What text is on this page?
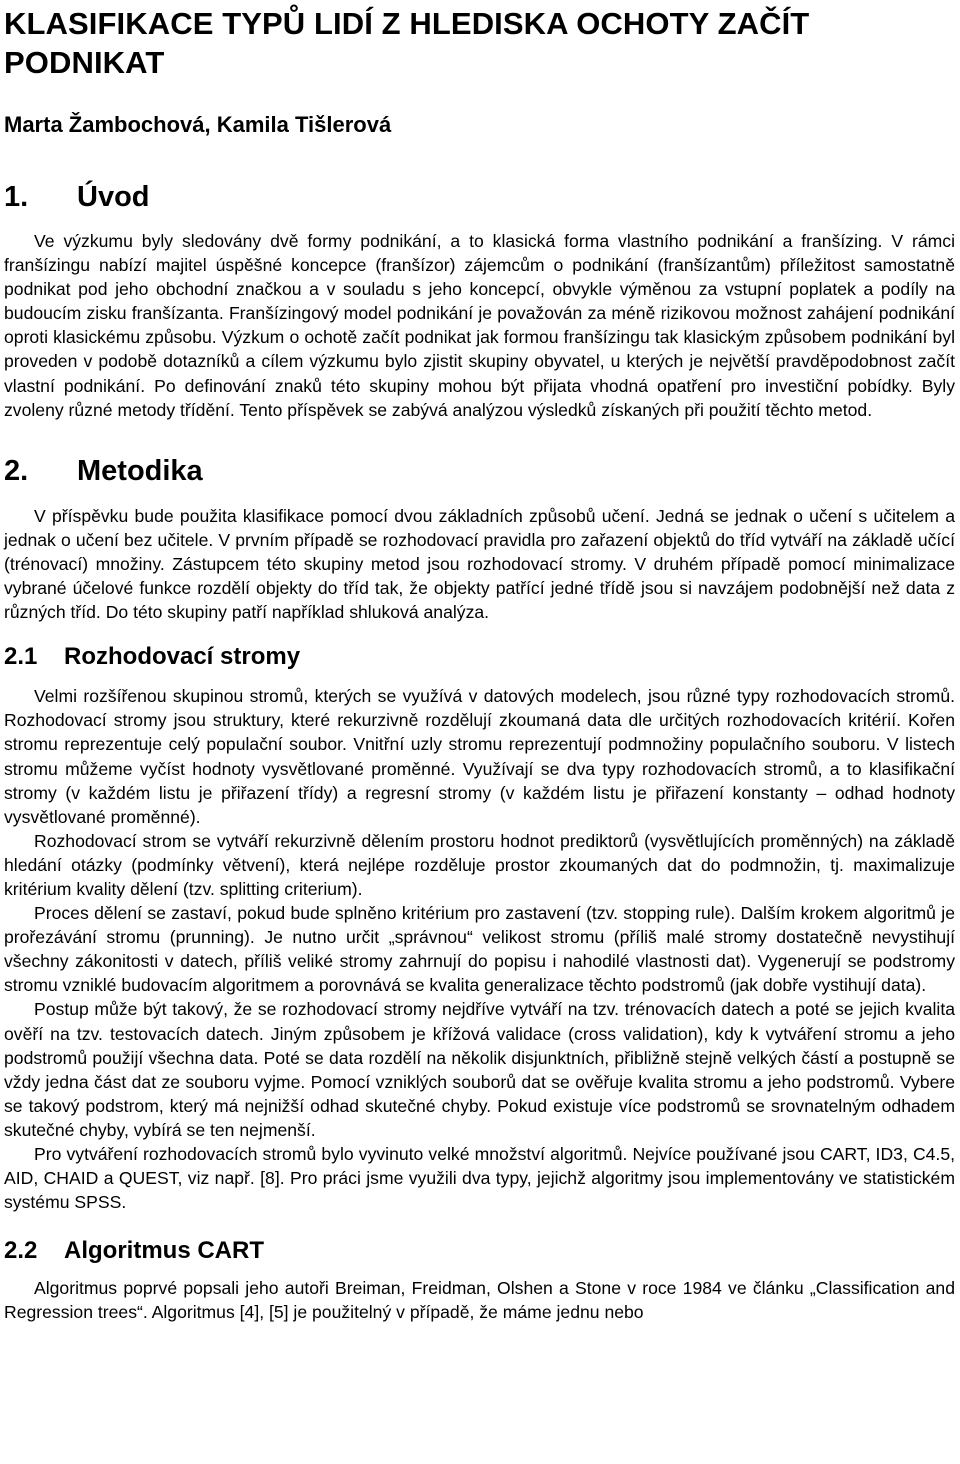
KLASIFIKACE TYPŮ LIDÍ Z HLEDISKA OCHOTY ZAČÍT PODNIKAT
Marta Žambochová, Kamila Tišlerová
1.	Úvod

Ve výzkumu byly sledovány dvě formy podnikání, a to klasická forma vlastního podnikání a franšízing. V rámci franšízingu nabízí majitel úspěšné koncepce (franšízor) zájemcům o podnikání (franšízantům) příležitost samostatně podnikat pod jeho obchodní značkou a v souladu s jeho koncepcí, obvykle výměnou za vstupní poplatek a podíly na budoucím zisku franšízanta. Franšízingový model podnikání je považován za méně rizikovou možnost zahájení podnikání oproti klasickému způsobu. Výzkum o ochotě začít podnikat jak formou franšízingu tak klasickým způsobem podnikání byl proveden v podobě dotazníků a cílem výzkumu bylo zjistit skupiny obyvatel, u kterých je největší pravděpodobnost začít vlastní podnikání. Po definování znaků této skupiny mohou být přijata vhodná opatření pro investiční pobídky. Byly zvoleny různé metody třídění. Tento příspěvek se zabývá analýzou výsledků získaných při použití těchto metod.

2.	Metodika

V příspěvku bude použita klasifikace pomocí dvou základních způsobů učení. Jedná se jednak o učení s učitelem a jednak o učení bez učitele. V prvním případě se rozhodovací pravidla pro zařazení objektů do tříd vytváří na základě učící (trénovací) množiny. Zástupcem této skupiny metod jsou rozhodovací stromy. V druhém případě pomocí minimalizace vybrané účelové funkce rozdělí objekty do tříd tak, že objekty patřící jedné třídě jsou si navzájem podobnější než data z různých tříd. Do této skupiny patří například shluková analýza.

2.1	Rozhodovací stromy

Velmi rozšířenou skupinou stromů, kterých se využívá v datových modelech, jsou různé typy rozhodovacích stromů. Rozhodovací stromy jsou struktury, které rekurzivně rozdělují zkoumaná data dle určitých rozhodovacích kritérií. Kořen stromu reprezentuje celý populační soubor. Vnitřní uzly stromu reprezentují podmnožiny populačního souboru. V listech stromu můžeme vyčíst hodnoty vysvětlované proměnné. Využívají se dva typy rozhodovacích stromů, a to klasifikační stromy (v každém listu je přiřazení třídy) a regresní stromy (v každém listu je přiřazení konstanty – odhad hodnoty vysvětlované proměnné).

Rozhodovací strom se vytváří rekurzivně dělením prostoru hodnot prediktorů (vysvětlujících proměnných) na základě hledání otázky (podmínky větvení), která nejlépe rozděluje prostor zkoumaných dat do podmnožin, tj. maximalizuje kritérium kvality dělení (tzv. splitting criterium).

Proces dělení se zastaví, pokud bude splněno kritérium pro zastavení (tzv. stopping rule). Dalším krokem algoritmů je prořezávání stromu (prunning). Je nutno určit „správnou“ velikost stromu (příliš malé stromy dostatečně nevystihují všechny zákonitosti v datech, příliš veliké stromy zahrnují do popisu i nahodilé vlastnosti dat). Vygenerují se podstromy stromu vzniklé budovacím algoritmem a porovnává se kvalita generalizace těchto podstromů (jak dobře vystihují data).

Postup může být takový, že se rozhodovací stromy nejdříve vytváří na tzv. trénovacích datech a poté se jejich kvalita ověří na tzv. testovacích datech. Jiným způsobem je křížová validace (cross validation), kdy k vytváření stromu a jeho podstromů použijí všechna data. Poté se data rozdělí na několik disjunktních, přibližně stejně velkých částí a postupně se vždy jedna část dat ze souboru vyjme. Pomocí vzniklých souborů dat se ověřuje kvalita stromu a jeho podstromů. Vybere se takový podstrom, který má nejnižší odhad skutečné chyby. Pokud existuje více podstromů se srovnatelným odhadem skutečné chyby, vybírá se ten nejmenší.

Pro vytváření rozhodovacích stromů bylo vyvinuto velké množství algoritmů. Nejvíce používané jsou CART, ID3, C4.5, AID, CHAID a QUEST, viz např. [8]. Pro práci jsme využili dva typy, jejichž algoritmy jsou implementovány ve statistickém systému SPSS.

2.2	Algoritmus CART

Algoritmus poprvé popsali jeho autoři Breiman, Freidman, Olshen a Stone v roce 1984 ve článku „Classification and Regression trees“. Algoritmus [4], [5] je použitelný v případě, že máme jednu nebo
